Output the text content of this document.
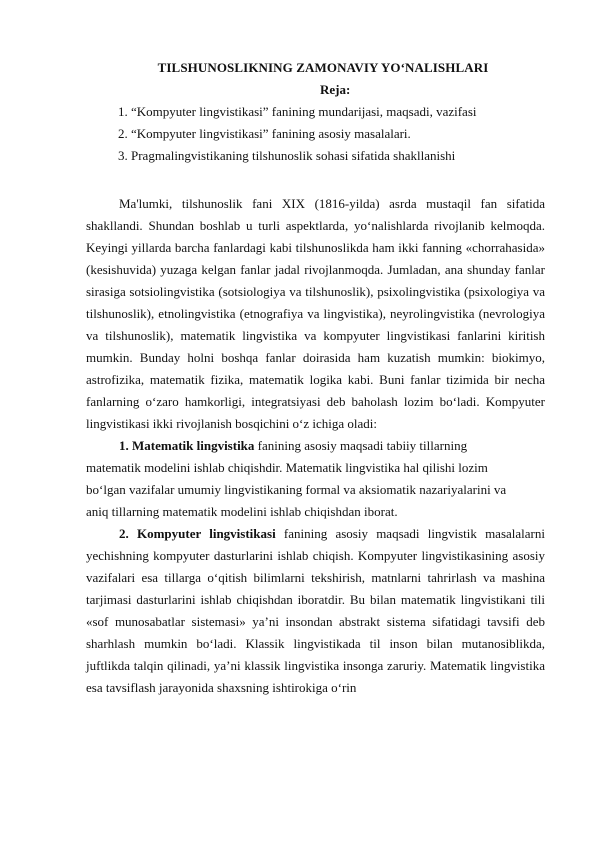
TILSHUNOSLIKNING ZAMONAVIY YO‘NALISHLARI
Reja:
1. “Kompyuter lingvistikasi” fanining mundarijasi, maqsadi, vazifasi
2. “Kompyuter lingvistikasi” fanining asosiy masalalari.
3. Pragmalingvistikaning tilshunoslik sohasi sifatida shakllanishi

Ma'lumki, tilshunoslik fani XIX (1816-yilda) asrda mustaqil fan sifatida shakllandi. Shundan boshlab u turli aspektlarda, yo‘nalishlarda rivojlanib kelmoqda. Keyingi yillarda barcha fanlardagi kabi tilshunoslikda ham ikki fanning «chorrahasida» (kesishuvida) yuzaga kelgan fanlar jadal rivojlanmoqda. Jumladan, ana shunday fanlar sirasiga sotsiolingvistika (sotsiologiya va tilshunoslik), psixolingvistika (psixologiya va tilshunoslik), etnolingvistika (etnografiya va lingvistika), neyrolingvistika (nevrologiya va tilshunoslik), matematik lingvistika va kompyuter lingvistikasi fanlarini kiritish mumkin. Bunday holni boshqa fanlar doirasida ham kuzatish mumkin: biokimyo, astrofizika, matematik fizika, matematik logika kabi. Buni fanlar tizimida bir necha fanlarning o‘zaro hamkorligi, integratsiyasi deb baholash lozim bo‘ladi. Kompyuter lingvistikasi ikki rivojlanish bosqichini o‘z ichiga oladi:

1. Matematik lingvistika fanining asosiy maqsadi tabiiy tillarning

matematik modelini ishlab chiqishdir. Matematik lingvistika hal qilishi lozim
bo‘lgan vazifalar umumiy lingvistikaning formal va aksiomatik nazariyalarini va
aniq tillarning matematik modelini ishlab chiqishdan iborat.

2. Kompyuter lingvistikasi fanining asosiy maqsadi lingvistik masalalarni yechishning kompyuter dasturlarini ishlab chiqish. Kompyuter lingvistikasining asosiy vazifalari esa tillarga o‘qitish bilimlarni tekshirish, matnlarni tahrirlash va mashina tarjimasi dasturlarini ishlab chiqishdan iboratdir. Bu bilan matematik lingvistikani tili «sof munosabatlar sistemasi» ya’ni insondan abstrakt sistema sifatidagi tavsifi deb sharhlash mumkin bo‘ladi. Klassik lingvistikada til inson bilan mutanosiblikda, juftlikda talqin qilinadi, ya’ni klassik lingvistika insonga zaruriy. Matematik lingvistika esa tavsiflash jarayonida shaxsning ishtirokiga o‘rin
